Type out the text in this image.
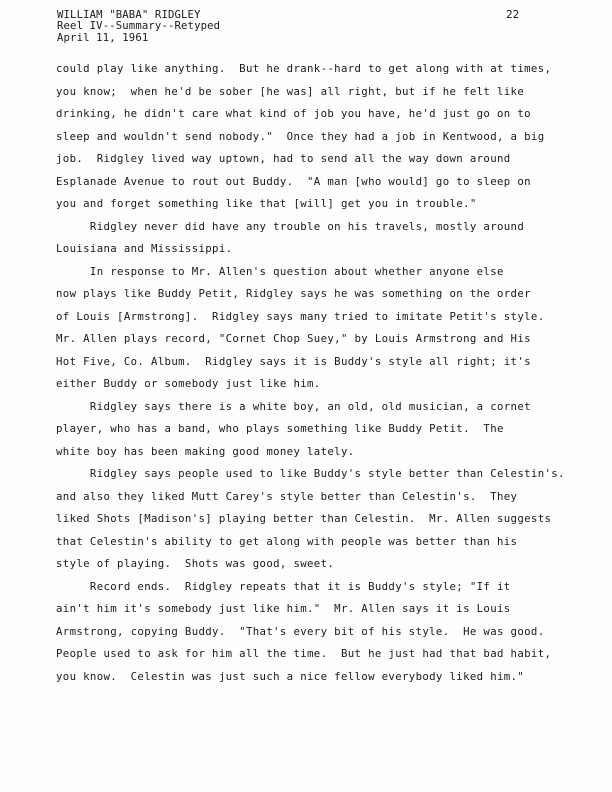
WILLIAM "BABA" RIDGLEY
Reel IV--Summary--Retyped
April 11, 1961
22
could play like anything.  But he drank--hard to get along with at times,
you know;  when he'd be sober [he was] all right, but if he felt like
drinking, he didn't care what kind of job you have, he'd just go on to
sleep and wouldn't send nobody."  Once they had a job in Kentwood, a big
job.  Ridgley lived way uptown, had to send all the way down around
Esplanade Avenue to rout out Buddy.  "A man [who would] go to sleep on
you and forget something like that [will] get you in trouble."
Ridgley never did have any trouble on his travels, mostly around
Louisiana and Mississippi.
In response to Mr. Allen's question about whether anyone else
now plays like Buddy Petit, Ridgley says he was something on the order
of Louis [Armstrong].  Ridgley says many tried to imitate Petit's style.
Mr. Allen plays record, "Cornet Chop Suey," by Louis Armstrong and His
Hot Five, Co. Album.  Ridgley says it is Buddy's style all right; it's
either Buddy or somebody just like him.
Ridgley says there is a white boy, an old, old musician, a cornet
player, who has a band, who plays something like Buddy Petit.  The
white boy has been making good money lately.
Ridgley says people used to like Buddy's style better than Celestin's.
and also they liked Mutt Carey's style better than Celestin's.  They
liked Shots [Madison's] playing better than Celestin.  Mr. Allen suggests
that Celestin's ability to get along with people was better than his
style of playing.  Shots was good, sweet.
Record ends.  Ridgley repeats that it is Buddy's style; "If it
ain't him it's somebody just like him."  Mr. Allen says it is Louis
Armstrong, copying Buddy.  "That's every bit of his style.  He was good.
People used to ask for him all the time.  But he just had that bad habit,
you know.  Celestin was just such a nice fellow everybody liked him."
